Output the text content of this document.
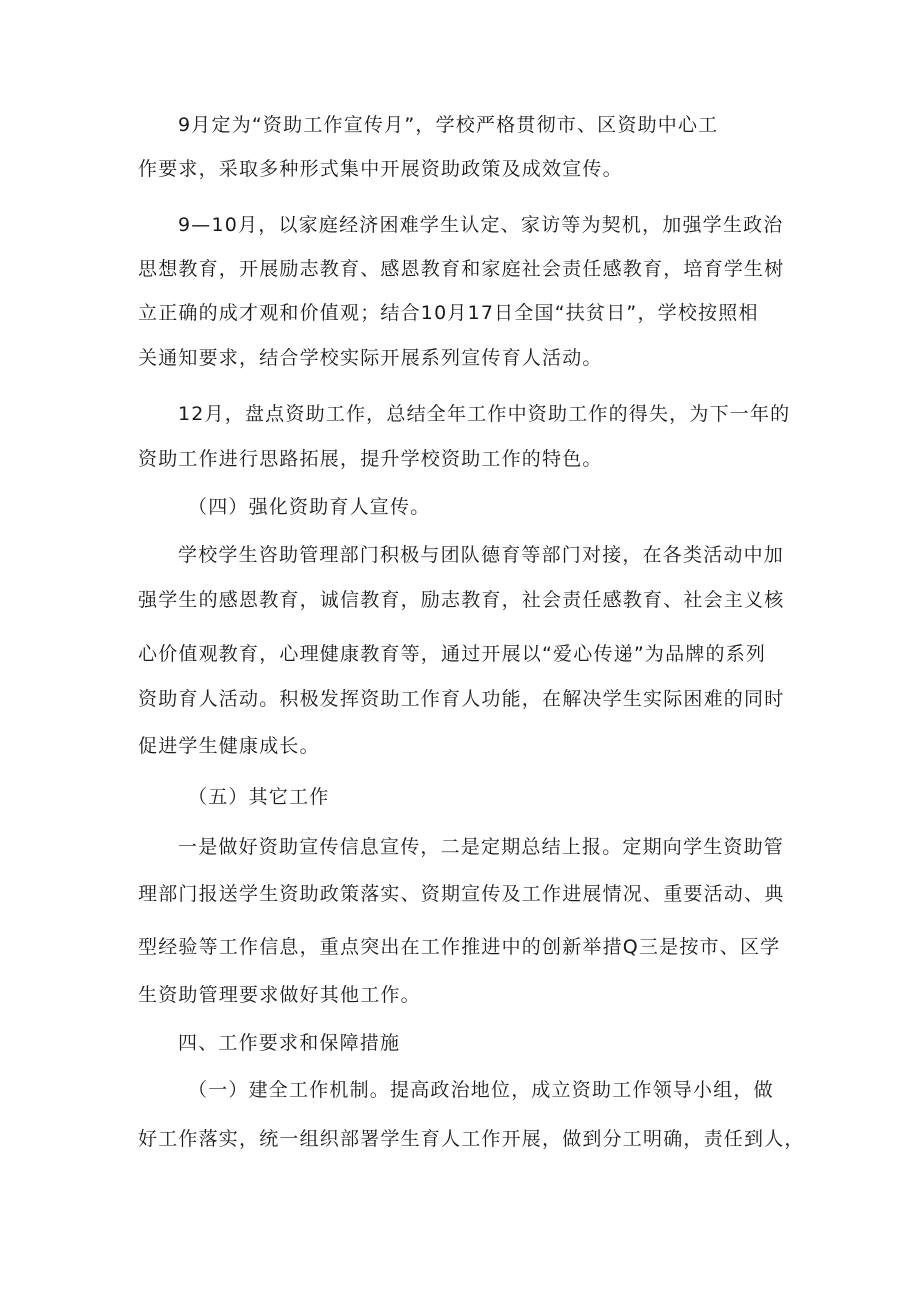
9月定为“资助工作宣传月”，学校严格贯彻市、区资助中心工
作要求，采取多种形式集中开展资助政策及成效宣传。
9—10月，以家庭经济困难学生认定、家访等为契机，加强学生政治
思想教育，开展励志教育、感恩教育和家庭社会责任感教育，培育学生树
立正确的成才观和价值观；结合10月17日全国“扶贫日”，学校按照相
关通知要求，结合学校实际开展系列宣传育人活动。
12月，盘点资助工作，总结全年工作中资助工作的得失，为下一年的
资助工作进行思路拓展，提升学校资助工作的特色。
（四）强化资助育人宣传。
学校学生咨助管理部门积极与团队德育等部门对接，在各类活动中加
强学生的感恩教育，诚信教育，励志教育，社会责任感教育、社会主义核
心价值观教育，心理健康教育等，通过开展以“爱心传递”为品牌的系列
资助育人活动。积极发挥资助工作育人功能，在解决学生实际困难的同时
促进学生健康成长。
（五）其它工作
一是做好资助宣传信息宣传，二是定期总结上报。定期向学生资助管
理部门报送学生资助政策落实、资期宣传及工作进展情况、重要活动、典
型经验等工作信息，重点突出在工作推进中的创新举措Q三是按市、区学
生资助管理要求做好其他工作。
四、工作要求和保障措施
（一）建全工作机制。提高政治地位，成立资助工作领导小组，做
好工作落实，统一组织部署学生育人工作开展，做到分工明确，责任到人，
